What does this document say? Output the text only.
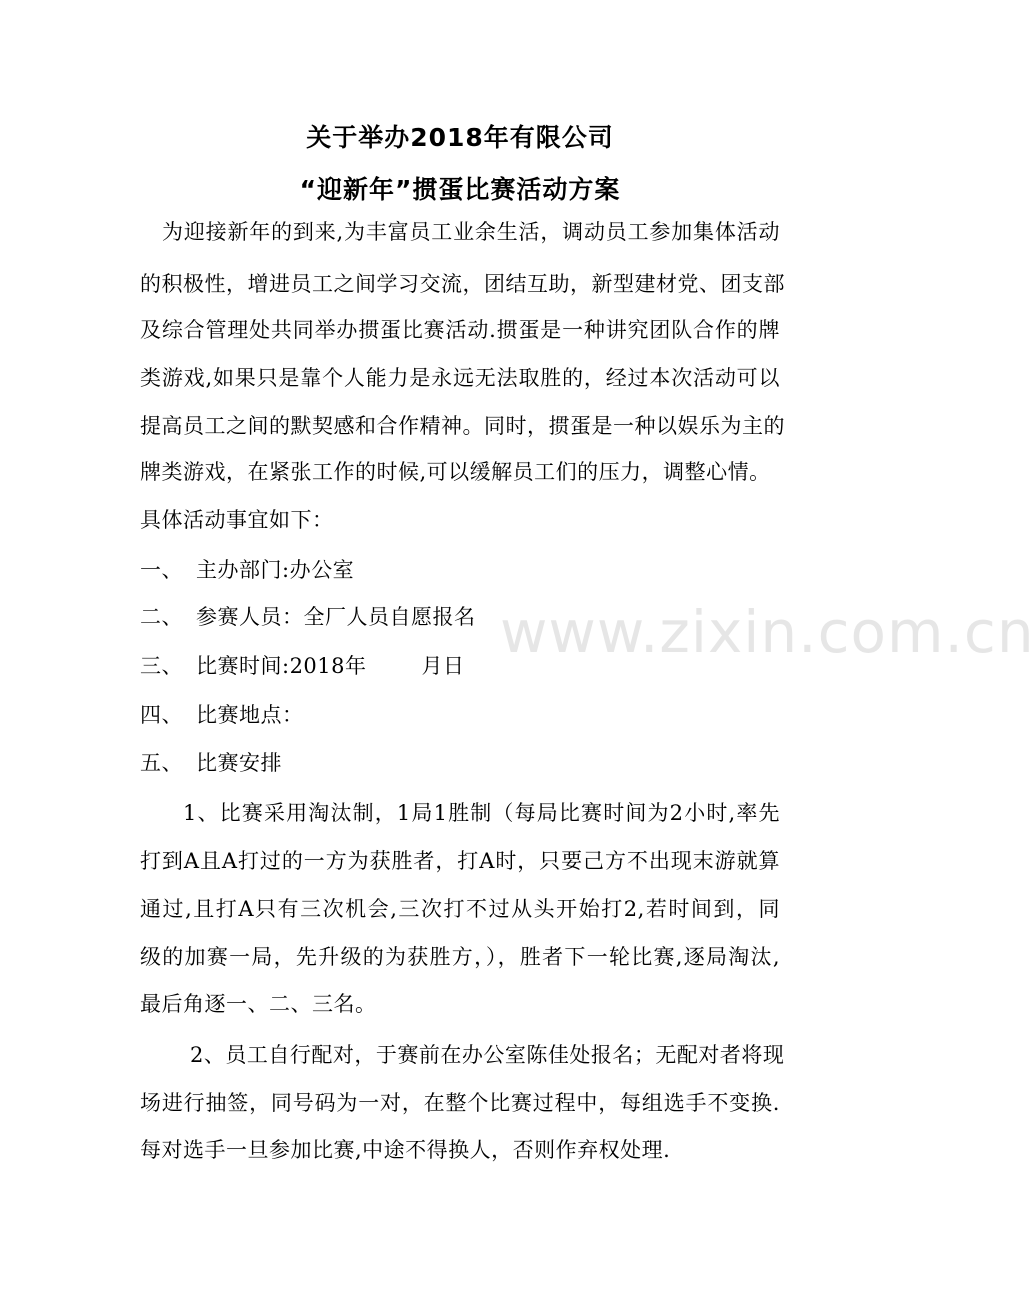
关于举办2018年有限公司
“迎新年”掼蛋比赛活动方案
为迎接新年的到来,为丰富员工业余生活，调动员工参加集体活动
的积极性，增进员工之间学习交流，团结互助，新型建材党、团支部
及综合管理处共同举办掼蛋比赛活动.掼蛋是一种讲究团队合作的牌
类游戏,如果只是靠个人能力是永远无法取胜的，经过本次活动可以
提高员工之间的默契感和合作精神。同时，掼蛋是一种以娱乐为主的
牌类游戏，在紧张工作的时候,可以缓解员工们的压力，调整心情。
具体活动事宜如下：
一、 主办部门:办公室
二、 参赛人员：全厂人员自愿报名
三、 比赛时间:2018年	月日
四、 比赛地点：
五、 比赛安排
1、比赛采用淘汰制，1局1胜制（每局比赛时间为2小时,率先
打到A且A打过的一方为获胜者，打A时，只要己方不出现末游就算
通过,且打A只有三次机会,三次打不过从头开始打2,若时间到，同
级的加赛一局，先升级的为获胜方，），胜者下一轮比赛,逐局淘汰,
最后角逐一、二、三名。
2、员工自行配对，于赛前在办公室陈佳处报名；无配对者将现
场进行抽签，同号码为一对，在整个比赛过程中，每组选手不变换.
每对选手一旦参加比赛,中途不得换人，否则作弃权处理.
www.zixin.com.cn
